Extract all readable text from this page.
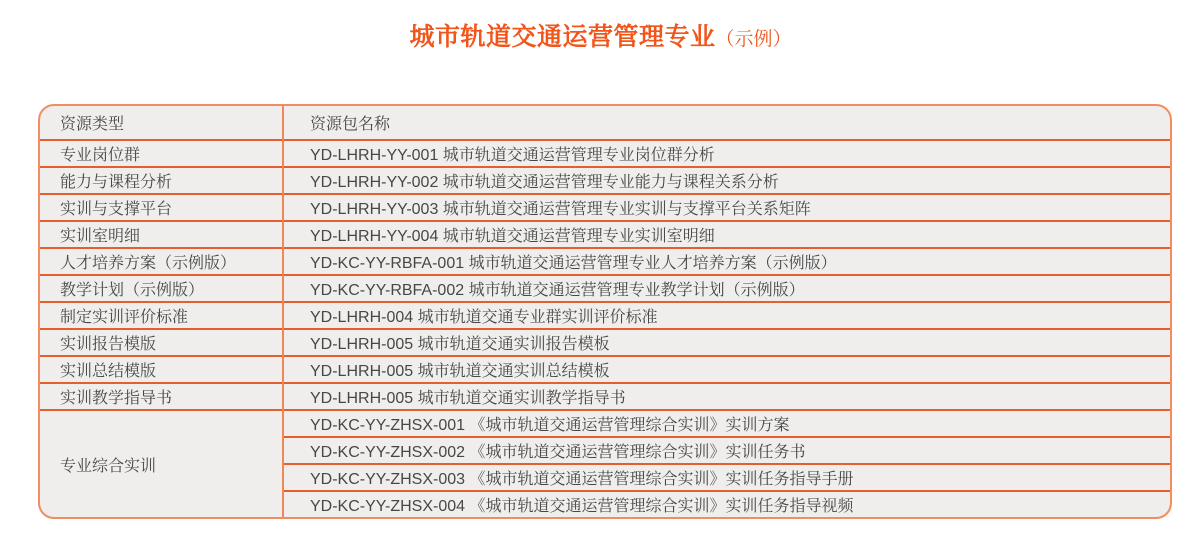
城市轨道交通运营管理专业（示例）
资源类型	资源包名称
专业岗位群	YD-LHRH-YY-001 城市轨道交通运营管理专业岗位群分析
能力与课程分析	YD-LHRH-YY-002 城市轨道交通运营管理专业能力与课程关系分析
实训与支撑平台	YD-LHRH-YY-003 城市轨道交通运营管理专业实训与支撑平台关系矩阵
实训室明细	YD-LHRH-YY-004 城市轨道交通运营管理专业实训室明细
人才培养方案（示例版）	YD-KC-YY-RBFA-001 城市轨道交通运营管理专业人才培养方案（示例版）
教学计划（示例版）	YD-KC-YY-RBFA-002 城市轨道交通运营管理专业教学计划（示例版）
制定实训评价标准	YD-LHRH-004 城市轨道交通专业群实训评价标准
实训报告模版	YD-LHRH-005 城市轨道交通实训报告模板
实训总结模版	YD-LHRH-005 城市轨道交通实训总结模板
实训教学指导书	YD-LHRH-005 城市轨道交通实训教学指导书
专业综合实训	YD-KC-YY-ZHSX-001 《城市轨道交通运营管理综合实训》实训方案
	YD-KC-YY-ZHSX-002 《城市轨道交通运营管理综合实训》实训任务书
	YD-KC-YY-ZHSX-003 《城市轨道交通运营管理综合实训》实训任务指导手册
	YD-KC-YY-ZHSX-004 《城市轨道交通运营管理综合实训》实训任务指导视频
